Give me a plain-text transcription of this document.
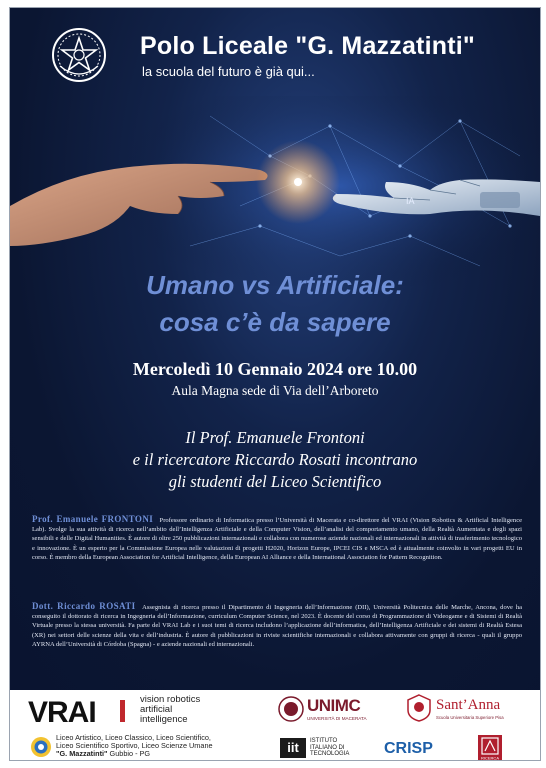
Polo Liceale "G. Mazzatinti"
la scuola del futuro è già qui...
IA
Umano vs Artificiale:
cosa c’è da sapere
Mercoledì 10 Gennaio 2024 ore 10.00
Aula Magna sede di Via dell’Arboreto
Il Prof. Emanuele Frontoni
e il ricercatore Riccardo Rosati incontrano
gli studenti del Liceo Scientifico

Prof. Emanuele FRONTONI Professore ordinario di Informatica presso l’Università di Macerata e co-direttore del VRAI (Vision Robotics & Artificial Intelligence Lab). Svolge la sua attività di ricerca nell’ambito dell’Intelligenza Artificiale e della Computer Vision, dell’analisi del comportamento umano, della Realtà Aumentata e degli spazi sensibili e delle Digital Humanities. È autore di oltre 250 pubblicazioni internazionali e collabora con numerose aziende nazionali ed internazionali in attività di trasferimento tecnologico e innovazione. È un esperto per la Commissione Europea nelle valutazioni di progetti H2020, Horizon Europe, IPCEI CIS e MSCA ed è attualmente coinvolto in vari progetti EU in corso. È membro della European Association for Artificial Intelligence, della European AI Alliance e della International Association for Pattern Recognition.

Dott. Riccardo ROSATI Assegnista di ricerca presso il Dipartimento di Ingegneria dell’Informazione (DII), Università Politecnica delle Marche, Ancona, dove ha conseguito il dottorato di ricerca in Ingegneria dell’Informazione, curriculum Computer Science, nel 2023. È docente del corso di Programmazione di Videogame e di Sistemi di Realtà Virtuale presso la stessa università. Fa parte del VRAI Lab e i suoi temi di ricerca includono l’applicazione dell’informatica, dell’Intelligenza Artificiale e dei sistemi di Realtà Estesa (XR) nei settori delle scienze della vita e dell’industria. È autore di pubblicazioni in riviste scientifiche internazionali e collabora attivamente con gruppi di ricerca - quali il gruppo AYRNA dell’Università di Córdoba (Spagna) - e aziende nazionali ed internazionali.

VRAI	vision robotics
artificial
intelligence
Liceo Artistico, Liceo Classico, Liceo Scientifico,
Liceo Scientifico Sportivo, Liceo Scienze Umane
"G. Mazzatinti" Gubbio - PG
UNIMC
UNIVERSITÀ DI MACERATA
Sant’Anna
Scuola Universitaria Superiore Pisa
iit	ISTITUTO
ITALIANO DI
TECNOLOGIA CRISP
RICERCA
